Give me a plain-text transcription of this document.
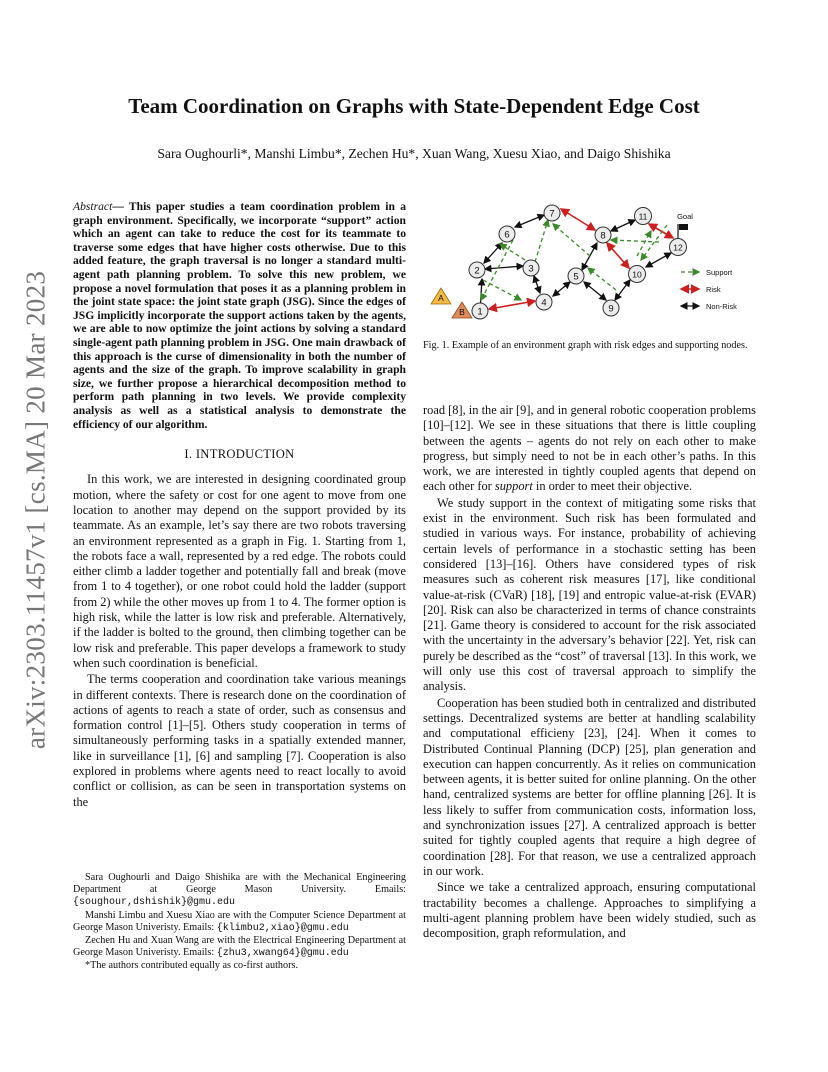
Team Coordination on Graphs with State-Dependent Edge Cost
Sara Oughourli*, Manshi Limbu*, Zechen Hu*, Xuan Wang, Xuesu Xiao, and Daigo Shishika
arXiv:2303.11457v1 [cs.MA] 20 Mar 2023
Abstract— This paper studies a team coordination problem in a graph environment. Specifically, we incorporate “support” action which an agent can take to reduce the cost for its teammate to traverse some edges that have higher costs otherwise. Due to this added feature, the graph traversal is no longer a standard multi-agent path planning problem. To solve this new problem, we propose a novel formulation that poses it as a planning problem in the joint state space: the joint state graph (JSG). Since the edges of JSG implicitly incorporate the support actions taken by the agents, we are able to now optimize the joint actions by solving a standard single-agent path planning problem in JSG. One main drawback of this approach is the curse of dimensionality in both the number of agents and the size of the graph. To improve scalability in graph size, we further propose a hierarchical decomposition method to perform path planning in two levels. We provide complexity analysis as well as a statistical analysis to demonstrate the efficiency of our algorithm.
I. INTRODUCTION

In this work, we are interested in designing coordinated group motion, where the safety or cost for one agent to move from one location to another may depend on the support provided by its teammate. As an example, let’s say there are two robots traversing an environment represented as a graph in Fig. 1. Starting from 1, the robots face a wall, represented by a red edge. The robots could either climb a ladder together and potentially fall and break (move from 1 to 4 together), or one robot could hold the ladder (support from 2) while the other moves up from 1 to 4. The former option is high risk, while the latter is low risk and preferable. Alternatively, if the ladder is bolted to the ground, then climbing together can be low risk and preferable. This paper develops a framework to study when such coordination is beneficial.

The terms cooperation and coordination take various meanings in different contexts. There is research done on the coordination of actions of agents to reach a state of order, such as consensus and formation control [1]–[5]. Others study cooperation in terms of simultaneously performing tasks in a spatially extended manner, like in surveillance [1], [6] and sampling [7]. Cooperation is also explored in problems where agents need to react locally to avoid conflict or collision, as can be seen in transportation systems on the

Sara Oughourli and Daigo Shishika are with the Mechanical Engineering Department at George Mason University. Emails: {soughour,dshishik}@gmu.edu

Manshi Limbu and Xuesu Xiao are with the Computer Science Department at George Mason Univeristy. Emails: {klimbu2,xiao}@gmu.edu

Zechen Hu and Xuan Wang are with the Electrical Engineering Department at George Mason Univeristy. Emails: {zhu3,xwang64}@gmu.edu

*The authors contributed equally as co-first authors.

1
2	3
4
5
6
7
8
9
10
11
12
A
B
Goal
Support
Risk
Non-Risk
Fig. 1. Example of an environment graph with risk edges and supporting nodes.

road [8], in the air [9], and in general robotic cooperation problems [10]–[12]. We see in these situations that there is little coupling between the agents – agents do not rely on each other to make progress, but simply need to not be in each other’s paths. In this work, we are interested in tightly coupled agents that depend on each other for support in order to meet their objective.

We study support in the context of mitigating some risks that exist in the environment. Such risk has been formulated and studied in various ways. For instance, probability of achieving certain levels of performance in a stochastic setting has been considered [13]–[16]. Others have considered types of risk measures such as coherent risk measures [17], like conditional value-at-risk (CVaR) [18], [19] and entropic value-at-risk (EVAR) [20]. Risk can also be characterized in terms of chance constraints [21]. Game theory is considered to account for the risk associated with the uncertainty in the adversary’s behavior [22]. Yet, risk can purely be described as the “cost” of traversal [13]. In this work, we will only use this cost of traversal approach to simplify the analysis.

Cooperation has been studied both in centralized and distributed settings. Decentralized systems are better at handling scalability and computational efficieny [23], [24]. When it comes to Distributed Continual Planning (DCP) [25], plan generation and execution can happen concurrently. As it relies on communication between agents, it is better suited for online planning. On the other hand, centralized systems are better for offline planning [26]. It is less likely to suffer from communication costs, information loss, and synchronization issues [27]. A centralized approach is better suited for tightly coupled agents that require a high degree of coordination [28]. For that reason, we use a centralized approach in our work.

Since we take a centralized approach, ensuring computational tractability becomes a challenge. Approaches to simplifying a multi-agent planning problem have been widely studied, such as decomposition, graph reformulation, and
